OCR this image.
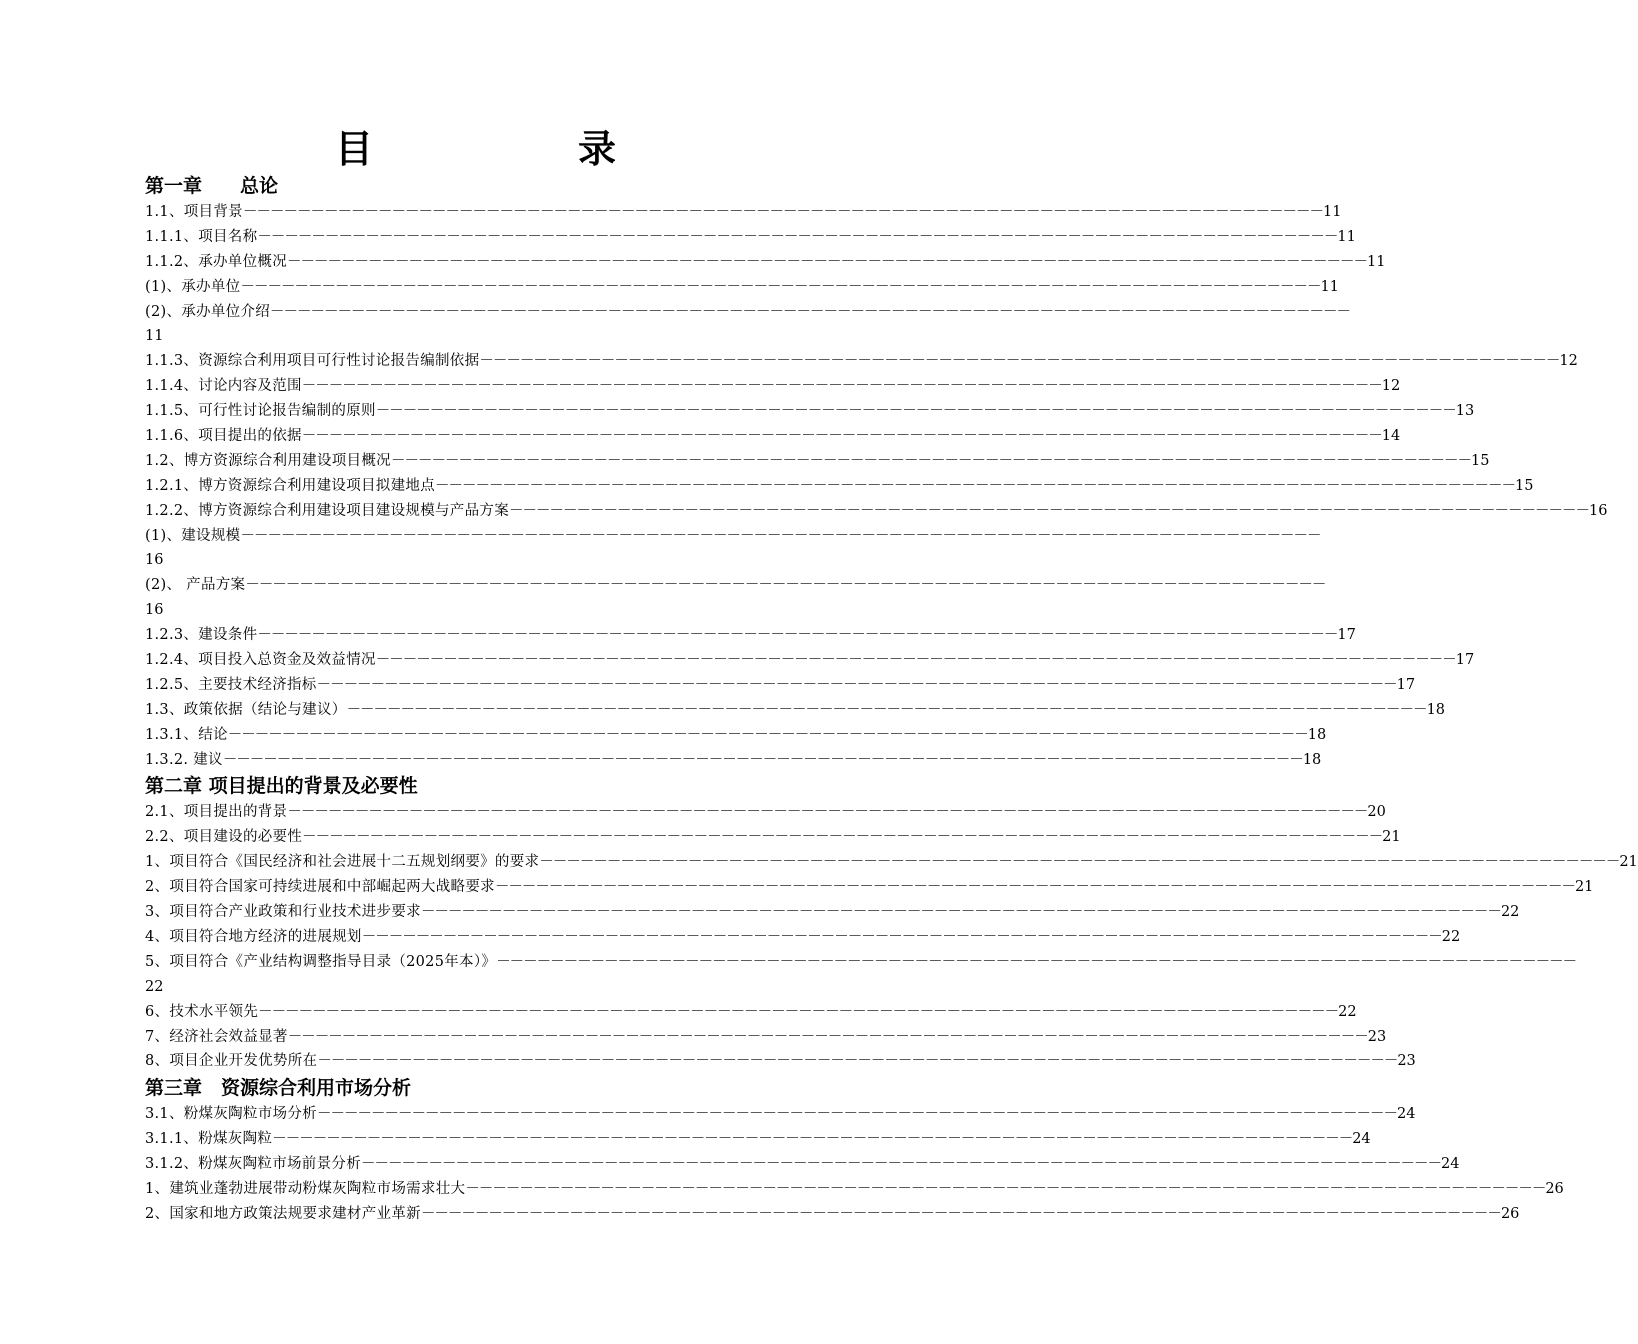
目	录
第一章　　总论
1.1、项目背景 －－－－－－－－－－－－－－－－－－－－－－－－－－－－－－－－－－－－－－－－－－－－－－－－－－－－－－－－－－－－－－－－－－－－－－－－－－－－－－－－ 11
1.1.1、项目名称 －－－－－－－－－－－－－－－－－－－－－－－－－－－－－－－－－－－－－－－－－－－－－－－－－－－－－－－－－－－－－－－－－－－－－－－－－－－－－－－－ 11
1.1.2、承办单位概况 －－－－－－－－－－－－－－－－－－－－－－－－－－－－－－－－－－－－－－－－－－－－－－－－－－－－－－－－－－－－－－－－－－－－－－－－－－－－－－－－ 11
(1)、承办单位 －－－－－－－－－－－－－－－－－－－－－－－－－－－－－－－－－－－－－－－－－－－－－－－－－－－－－－－－－－－－－－－－－－－－－－－－－－－－－－－－ 11
(2)、承办单位介绍 －－－－－－－－－－－－－－－－－－－－－－－－－－－－－－－－－－－－－－－－－－－－－－－－－－－－－－－－－－－－－－－－－－－－－－－－－－－－－－－－
11
1.1.3、资源综合利用项目可行性讨论报告编制依据 －－－－－－－－－－－－－－－－－－－－－－－－－－－－－－－－－－－－－－－－－－－－－－－－－－－－－－－－－－－－－－－－－－－－－－－－－－－－－－－－ 12
1.1.4、讨论内容及范围 －－－－－－－－－－－－－－－－－－－－－－－－－－－－－－－－－－－－－－－－－－－－－－－－－－－－－－－－－－－－－－－－－－－－－－－－－－－－－－－－ 12
1.1.5、可行性讨论报告编制的原则 －－－－－－－－－－－－－－－－－－－－－－－－－－－－－－－－－－－－－－－－－－－－－－－－－－－－－－－－－－－－－－－－－－－－－－－－－－－－－－－－ 13
1.1.6、项目提出的依据 －－－－－－－－－－－－－－－－－－－－－－－－－－－－－－－－－－－－－－－－－－－－－－－－－－－－－－－－－－－－－－－－－－－－－－－－－－－－－－－－ 14
1.2、博方资源综合利用建设项目概况 －－－－－－－－－－－－－－－－－－－－－－－－－－－－－－－－－－－－－－－－－－－－－－－－－－－－－－－－－－－－－－－－－－－－－－－－－－－－－－－－ 15
1.2.1、博方资源综合利用建设项目拟建地点 －－－－－－－－－－－－－－－－－－－－－－－－－－－－－－－－－－－－－－－－－－－－－－－－－－－－－－－－－－－－－－－－－－－－－－－－－－－－－－－－ 15
1.2.2、博方资源综合利用建设项目建设规模与产品方案 －－－－－－－－－－－－－－－－－－－－－－－－－－－－－－－－－－－－－－－－－－－－－－－－－－－－－－－－－－－－－－－－－－－－－－－－－－－－－－－－ 16
(1)、建设规模 －－－－－－－－－－－－－－－－－－－－－－－－－－－－－－－－－－－－－－－－－－－－－－－－－－－－－－－－－－－－－－－－－－－－－－－－－－－－－－－－
16
(2)、 产品方案 －－－－－－－－－－－－－－－－－－－－－－－－－－－－－－－－－－－－－－－－－－－－－－－－－－－－－－－－－－－－－－－－－－－－－－－－－－－－－－－－
16
1.2.3、建设条件 －－－－－－－－－－－－－－－－－－－－－－－－－－－－－－－－－－－－－－－－－－－－－－－－－－－－－－－－－－－－－－－－－－－－－－－－－－－－－－－－ 17
1.2.4、项目投入总资金及效益情况 －－－－－－－－－－－－－－－－－－－－－－－－－－－－－－－－－－－－－－－－－－－－－－－－－－－－－－－－－－－－－－－－－－－－－－－－－－－－－－－－ 17
1.2.5、主要技术经济指标 －－－－－－－－－－－－－－－－－－－－－－－－－－－－－－－－－－－－－－－－－－－－－－－－－－－－－－－－－－－－－－－－－－－－－－－－－－－－－－－－ 17
1.3、政策依据（结论与建议） －－－－－－－－－－－－－－－－－－－－－－－－－－－－－－－－－－－－－－－－－－－－－－－－－－－－－－－－－－－－－－－－－－－－－－－－－－－－－－－－ 18
1.3.1、结论 －－－－－－－－－－－－－－－－－－－－－－－－－－－－－－－－－－－－－－－－－－－－－－－－－－－－－－－－－－－－－－－－－－－－－－－－－－－－－－－－ 18
1.3.2. 建议 －－－－－－－－－－－－－－－－－－－－－－－－－－－－－－－－－－－－－－－－－－－－－－－－－－－－－－－－－－－－－－－－－－－－－－－－－－－－－－－－ 18
第二章 项目提出的背景及必要性
2.1、项目提出的背景 －－－－－－－－－－－－－－－－－－－－－－－－－－－－－－－－－－－－－－－－－－－－－－－－－－－－－－－－－－－－－－－－－－－－－－－－－－－－－－－－ 20
2.2、项目建设的必要性 －－－－－－－－－－－－－－－－－－－－－－－－－－－－－－－－－－－－－－－－－－－－－－－－－－－－－－－－－－－－－－－－－－－－－－－－－－－－－－－－ 21
1、项目符合《国民经济和社会进展十二五规划纲要》的要求 －－－－－－－－－－－－－－－－－－－－－－－－－－－－－－－－－－－－－－－－－－－－－－－－－－－－－－－－－－－－－－－－－－－－－－－－－－－－－－－－ 21
2、项目符合国家可持续进展和中部崛起两大战略要求 －－－－－－－－－－－－－－－－－－－－－－－－－－－－－－－－－－－－－－－－－－－－－－－－－－－－－－－－－－－－－－－－－－－－－－－－－－－－－－－－ 21
3、项目符合产业政策和行业技术进步要求 －－－－－－－－－－－－－－－－－－－－－－－－－－－－－－－－－－－－－－－－－－－－－－－－－－－－－－－－－－－－－－－－－－－－－－－－－－－－－－－－ 22
4、项目符合地方经济的进展规划 －－－－－－－－－－－－－－－－－－－－－－－－－－－－－－－－－－－－－－－－－－－－－－－－－－－－－－－－－－－－－－－－－－－－－－－－－－－－－－－－ 22
5、项目符合《产业结构调整指导目录（2025年本）》 －－－－－－－－－－－－－－－－－－－－－－－－－－－－－－－－－－－－－－－－－－－－－－－－－－－－－－－－－－－－－－－－－－－－－－－－－－－－－－－－
22
6、技术水平领先 －－－－－－－－－－－－－－－－－－－－－－－－－－－－－－－－－－－－－－－－－－－－－－－－－－－－－－－－－－－－－－－－－－－－－－－－－－－－－－－－ 22
7、经济社会效益显著 －－－－－－－－－－－－－－－－－－－－－－－－－－－－－－－－－－－－－－－－－－－－－－－－－－－－－－－－－－－－－－－－－－－－－－－－－－－－－－－－ 23
8、项目企业开发优势所在 －－－－－－－－－－－－－－－－－－－－－－－－－－－－－－－－－－－－－－－－－－－－－－－－－－－－－－－－－－－－－－－－－－－－－－－－－－－－－－－－ 23
第三章　资源综合利用市场分析
3.1、粉煤灰陶粒市场分析 －－－－－－－－－－－－－－－－－－－－－－－－－－－－－－－－－－－－－－－－－－－－－－－－－－－－－－－－－－－－－－－－－－－－－－－－－－－－－－－－ 24
3.1.1、粉煤灰陶粒 －－－－－－－－－－－－－－－－－－－－－－－－－－－－－－－－－－－－－－－－－－－－－－－－－－－－－－－－－－－－－－－－－－－－－－－－－－－－－－－－ 24
3.1.2、粉煤灰陶粒市场前景分析 －－－－－－－－－－－－－－－－－－－－－－－－－－－－－－－－－－－－－－－－－－－－－－－－－－－－－－－－－－－－－－－－－－－－－－－－－－－－－－－－ 24
1、建筑业蓬勃进展带动粉煤灰陶粒市场需求壮大 －－－－－－－－－－－－－－－－－－－－－－－－－－－－－－－－－－－－－－－－－－－－－－－－－－－－－－－－－－－－－－－－－－－－－－－－－－－－－－－－ 26
2、国家和地方政策法规要求建材产业革新 －－－－－－－－－－－－－－－－－－－－－－－－－－－－－－－－－－－－－－－－－－－－－－－－－－－－－－－－－－－－－－－－－－－－－－－－－－－－－－－－ 26
